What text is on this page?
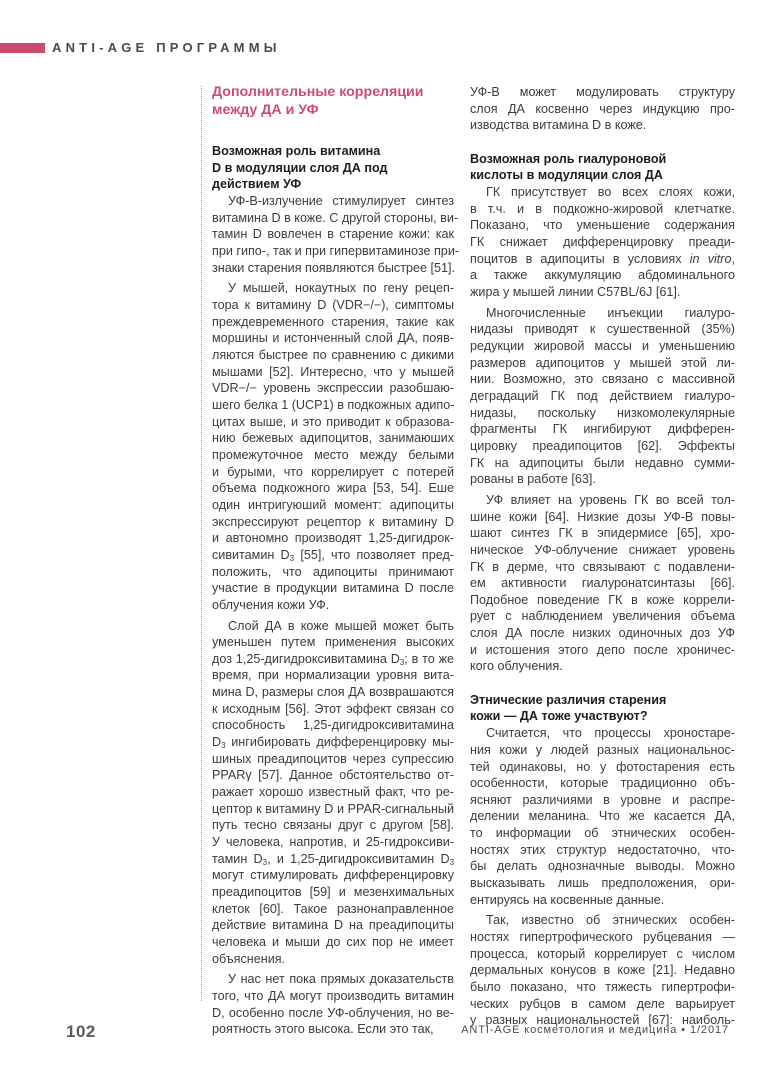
ANTI-AGE ПРОГРАММЫ
Дополнительные корреляции
между ДА и УФ
Возможная роль витамина
D в модуляции слоя ДА под
действием УФ
УФ-В-излучение стимулирует синтез
витамина D в коже. С другой стороны, ви-
тамин D вовлечен в старение кожи: как
при гипо-, так и при гипервитаминозе при-
знаки старения появляются быстрее [51].
У мышей, нокаутных по гену рецеп-
тора к витамину D (VDR−/−), симптомы
преждевременного старения, такие как
моршины и истонченный слой ДА, появ-
ляются быстрее по сравнению с дикими
мышами [52]. Интересно, что у мышей
VDR−/− уровень экспрессии разобшаю-
шего белка 1 (UCP1) в подкожных адипо-
цитах выше, и это приводит к образова-
нию бежевых адипоцитов, занимаюших
промежуточное место между белыми
и бурыми, что коррелирует с потерей
объема подкожного жира [53, 54]. Еше
один интригуюший момент: адипоциты
экспрессируют рецептор к витамину D
и автономно производят 1,25-дигидрок-
сивитамин $D_3$ [55], что позволяет пред-
положить, что адипоциты принимают
участие в продукции витамина D после
облучения кожи УФ.
Слой ДА в коже мышей может быть
уменьшен путем применения высоких
доз 1,25-дигидроксивитамина $D_3$; в то же
время, при нормализации уровня вита-
мина D, размеры слоя ДА возврашаются
к исходным [56]. Этот эффект связан со
способность 1,25-дигидроксивитамина
$D_3$ ингибировать дифференцировку мы-
шиных преадипоцитов через супрессию
PPARγ [57]. Данное обстоятельство от-
ражает хорошо известный факт, что ре-
цептор к витамину D и PPAR-сигнальный
путь тесно связаны друг с другом [58].
У человека, напротив, и 25-гидроксиви-
тамин $D_3$, и 1,25-дигидроксивитамин $D_3$
могут стимулировать дифференцировку
преадипоцитов [59] и мезенхимальных
клеток [60]. Такое разнонаправленное
действие витамина D на преадипоциты
человека и мыши до сих пор не имеет
объяснения.
У нас нет пока прямых доказательств
того, что ДА могут производить витамин
D, особенно после УФ-облучения, но ве-
роятность этого высока. Если это так,
УФ-В может модулировать структуру
слоя ДА косвенно через индукцию про-
изводства витамина D в коже.
Возможная роль гиалуроновой
кислоты в модуляции слоя ДА
ГК присутствует во всех слоях кожи,
в т.ч. и в подкожно-жировой клетчатке.
Показано, что уменьшение содержания
ГК снижает дифференцировку преади-
поцитов в адипоциты в условиях in vitro,
а также аккумуляцию абдоминального
жира у мышей линии C57BL/6J [61].
Многочисленные инъекции гиалуро-
нидазы приводят к сушественной (35%)
редукции жировой массы и уменьшению
размеров адипоцитов у мышей этой ли-
нии. Возможно, это связано с массивной
деградаций ГК под действием гиалуро-
нидазы, поскольку низкомолекулярные
фрагменты ГК ингибируют дифферен-
цировку преадипоцитов [62]. Эффекты
ГК на адипоциты были недавно сумми-
рованы в работе [63].
УФ влияет на уровень ГК во всей тол-
шине кожи [64]. Низкие дозы УФ-В повы-
шают синтез ГК в эпидермисе [65], хро-
ническое УФ-облучение снижает уровень
ГК в дерме, что связывают с подавлени-
ем активности гиалуронатсинтазы [66].
Подобное поведение ГК в коже коррели-
рует с наблюдением увеличения объема
слоя ДА после низких одиночных доз УФ
и истошения этого депо после хроничес-
кого облучения.
Этнические различия старения
кожи — ДА тоже участвуют?
Считается, что процессы хроностаре-
ния кожи у людей разных национальнос-
тей одинаковы, но у фотостарения есть
особенности, которые традиционно объ-
ясняют различиями в уровне и распре-
делении меланина. Что же касается ДА,
то информации об этнических особен-
ностях этих структур недостаточно, что-
бы делать однозначные выводы. Можно
высказывать лишь предположения, ори-
ентируясь на косвенные данные.
Так, известно об этнических особен-
ностях гипертрофического рубцевания —
процесса, который коррелирует с числом
дермальных конусов в коже [21]. Недавно
было показано, что тяжесть гипертрофи-
ческих рубцов в самом деле варьирует
у разных национальностей [67]: наиболь-
102	ANTI-AGE косметология и медицина • 1/2017
